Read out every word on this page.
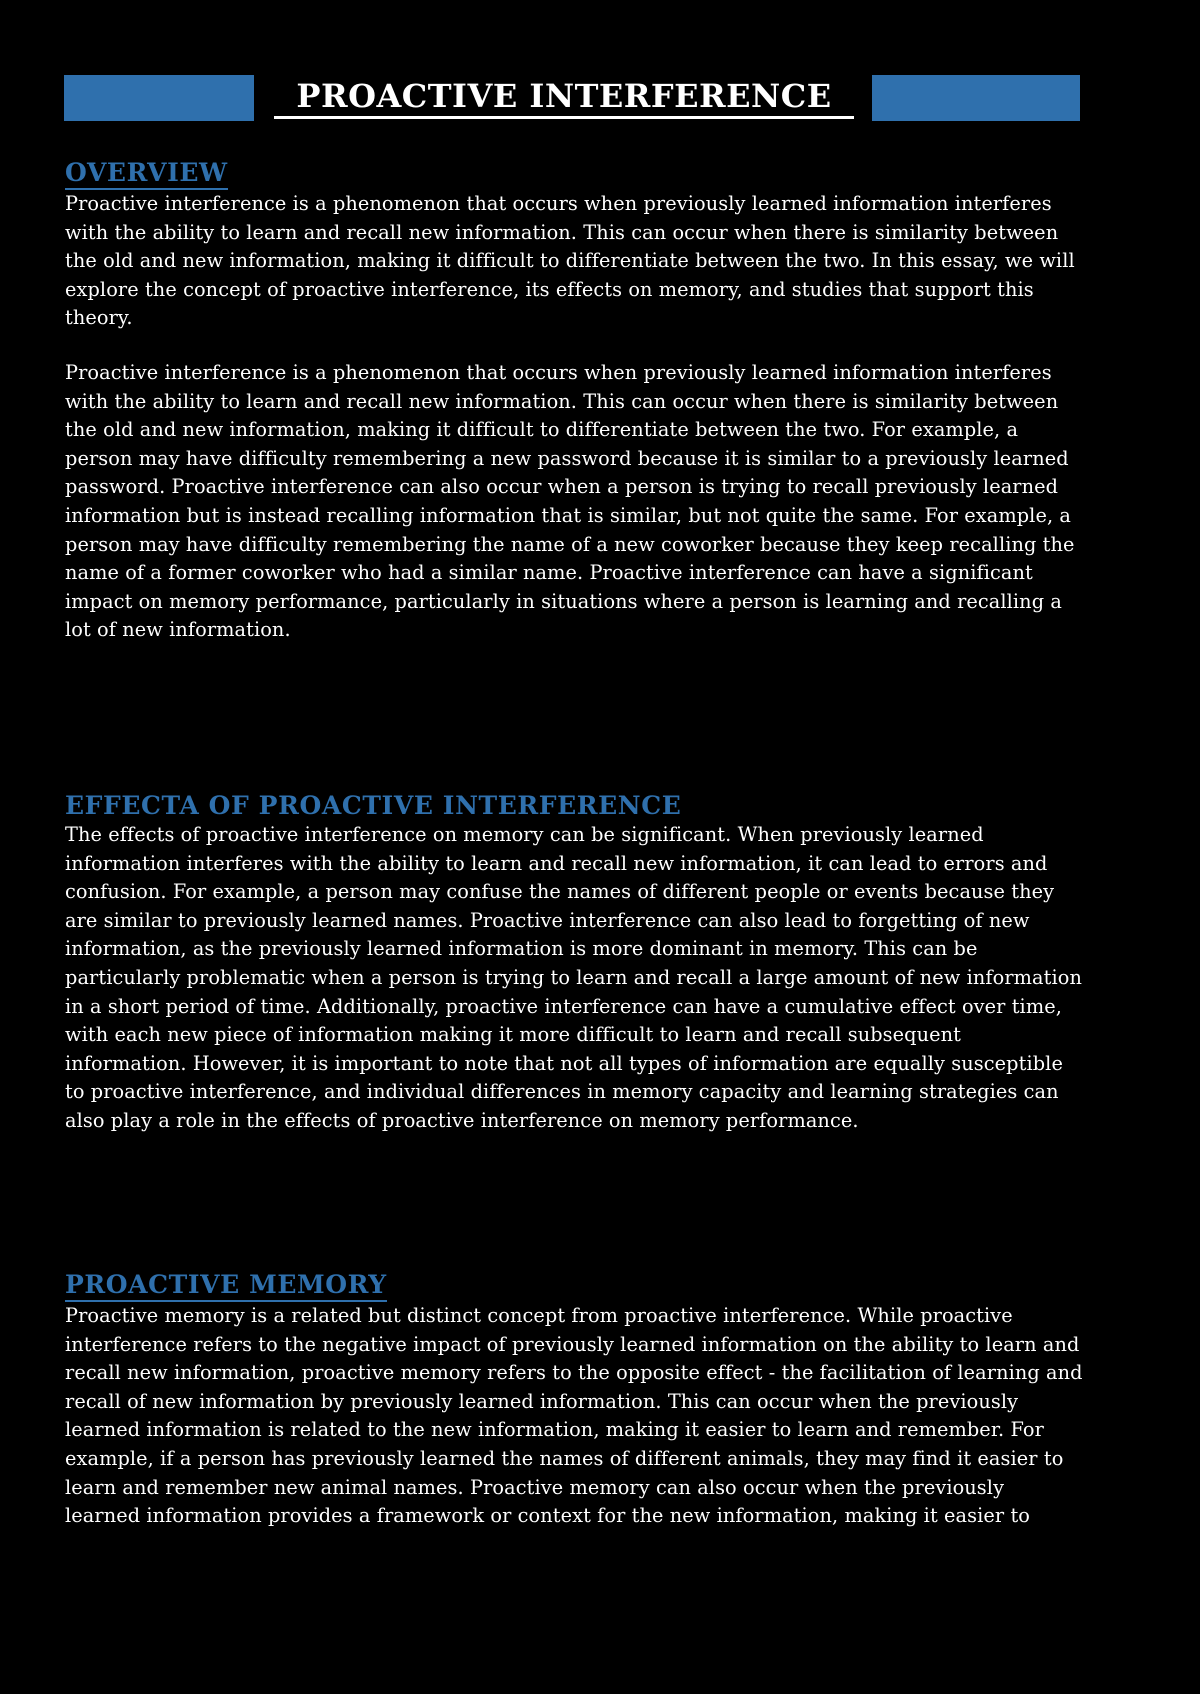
PROACTIVE INTERFERENCE
OVERVIEW

Proactive interference is a phenomenon that occurs when previously learned information interferes with the ability to learn and recall new information. This can occur when there is similarity between the old and new information, making it difficult to differentiate between the two. In this essay, we will explore the concept of proactive interference, its effects on memory, and studies that support this theory.

Proactive interference is a phenomenon that occurs when previously learned information interferes with the ability to learn and recall new information. This can occur when there is similarity between the old and new information, making it difficult to differentiate between the two. For example, a person may have difficulty remembering a new password because it is similar to a previously learned password. Proactive interference can also occur when a person is trying to recall previously learned information but is instead recalling information that is similar, but not quite the same. For example, a person may have difficulty remembering the name of a new coworker because they keep recalling the name of a former coworker who had a similar name. Proactive interference can have a significant impact on memory performance, particularly in situations where a person is learning and recalling a lot of new information.

EFFECTA OF PROACTIVE INTERFERENCE

The effects of proactive interference on memory can be significant. When previously learned information interferes with the ability to learn and recall new information, it can lead to errors and confusion. For example, a person may confuse the names of different people or events because they are similar to previously learned names. Proactive interference can also lead to forgetting of new information, as the previously learned information is more dominant in memory. This can be particularly problematic when a person is trying to learn and recall a large amount of new information in a short period of time. Additionally, proactive interference can have a cumulative effect over time, with each new piece of information making it more difficult to learn and recall subsequent information. However, it is important to note that not all types of information are equally susceptible to proactive interference, and individual differences in memory capacity and learning strategies can also play a role in the effects of proactive interference on memory performance.

PROACTIVE MEMORY

Proactive memory is a related but distinct concept from proactive interference. While proactive interference refers to the negative impact of previously learned information on the ability to learn and recall new information, proactive memory refers to the opposite effect - the facilitation of learning and recall of new information by previously learned information. This can occur when the previously learned information is related to the new information, making it easier to learn and remember. For example, if a person has previously learned the names of different animals, they may find it easier to learn and remember new animal names. Proactive memory can also occur when the previously learned information provides a framework or context for the new information, making it easier to
